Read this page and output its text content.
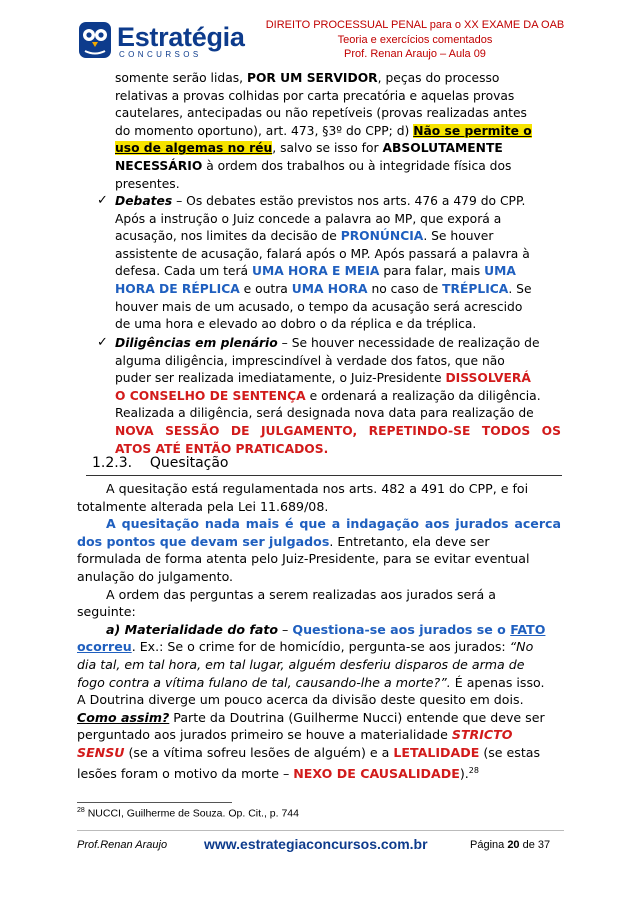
Estratégia
CONCURSOS
DIREITO PROCESSUAL PENAL para o XX EXAME DA OAB
Teoria e exercícios comentados
Prof. Renan Araujo – Aula 09
somente serão lidas, POR UM SERVIDOR, peças do processo
relativas a provas colhidas por carta precatória e aquelas provas
cautelares, antecipadas ou não repetíveis (provas realizadas antes
do momento oportuno), art. 473, §3º do CPP; d) Não se permite o
uso de algemas no réu, salvo se isso for ABSOLUTAMENTE
NECESSÁRIO à ordem dos trabalhos ou à integridade física dos
presentes.
✓ Debates – Os debates estão previstos nos arts. 476 a 479 do CPP.
Após a instrução o Juiz concede a palavra ao MP, que exporá a
acusação, nos limites da decisão de PRONÚNCIA. Se houver
assistente de acusação, falará após o MP. Após passará a palavra à
defesa. Cada um terá UMA HORA E MEIA para falar, mais UMA
HORA DE RÉPLICA e outra UMA HORA no caso de TRÉPLICA. Se
houver mais de um acusado, o tempo da acusação será acrescido
de uma hora e elevado ao dobro o da réplica e da tréplica.
✓ Diligências em plenário – Se houver necessidade de realização de
alguma diligência, imprescindível à verdade dos fatos, que não
puder ser realizada imediatamente, o Juiz-Presidente DISSOLVERÁ
O CONSELHO DE SENTENÇA e ordenará a realização da diligência.
Realizada a diligência, será designada nova data para realização de
NOVA SESSÃO DE JULGAMENTO, REPETINDO-SE TODOS OS
ATOS ATÉ ENTÃO PRATICADOS.
1.2.3. Quesitação
A quesitação está regulamentada nos arts. 482 a 491 do CPP, e foi
totalmente alterada pela Lei 11.689/08.
A quesitação nada mais é que a indagação aos jurados acerca
dos pontos que devam ser julgados. Entretanto, ela deve ser
formulada de forma atenta pelo Juiz-Presidente, para se evitar eventual
anulação do julgamento.
A ordem das perguntas a serem realizadas aos jurados será a
seguinte:
a) Materialidade do fato – Questiona-se aos jurados se o FATO
ocorreu. Ex.: Se o crime for de homicídio, pergunta-se aos jurados: “No
dia tal, em tal hora, em tal lugar, alguém desferiu disparos de arma de
fogo contra a vítima fulano de tal, causando-lhe a morte?”. É apenas isso.
A Doutrina diverge um pouco acerca da divisão deste quesito em dois.
Como assim? Parte da Doutrina (Guilherme Nucci) entende que deve ser
perguntado aos jurados primeiro se houve a materialidade STRICTO
SENSU (se a vítima sofreu lesões de alguém) e a LETALIDADE (se estas
lesões foram o motivo da morte – NEXO DE CAUSALIDADE).$^{28}$
$^{28}$ NUCCI, Guilherme de Souza. Op. Cit., p. 744
Prof.Renan Araujo	www.estrategiaconcursos.com.br	Página 20 de 37
